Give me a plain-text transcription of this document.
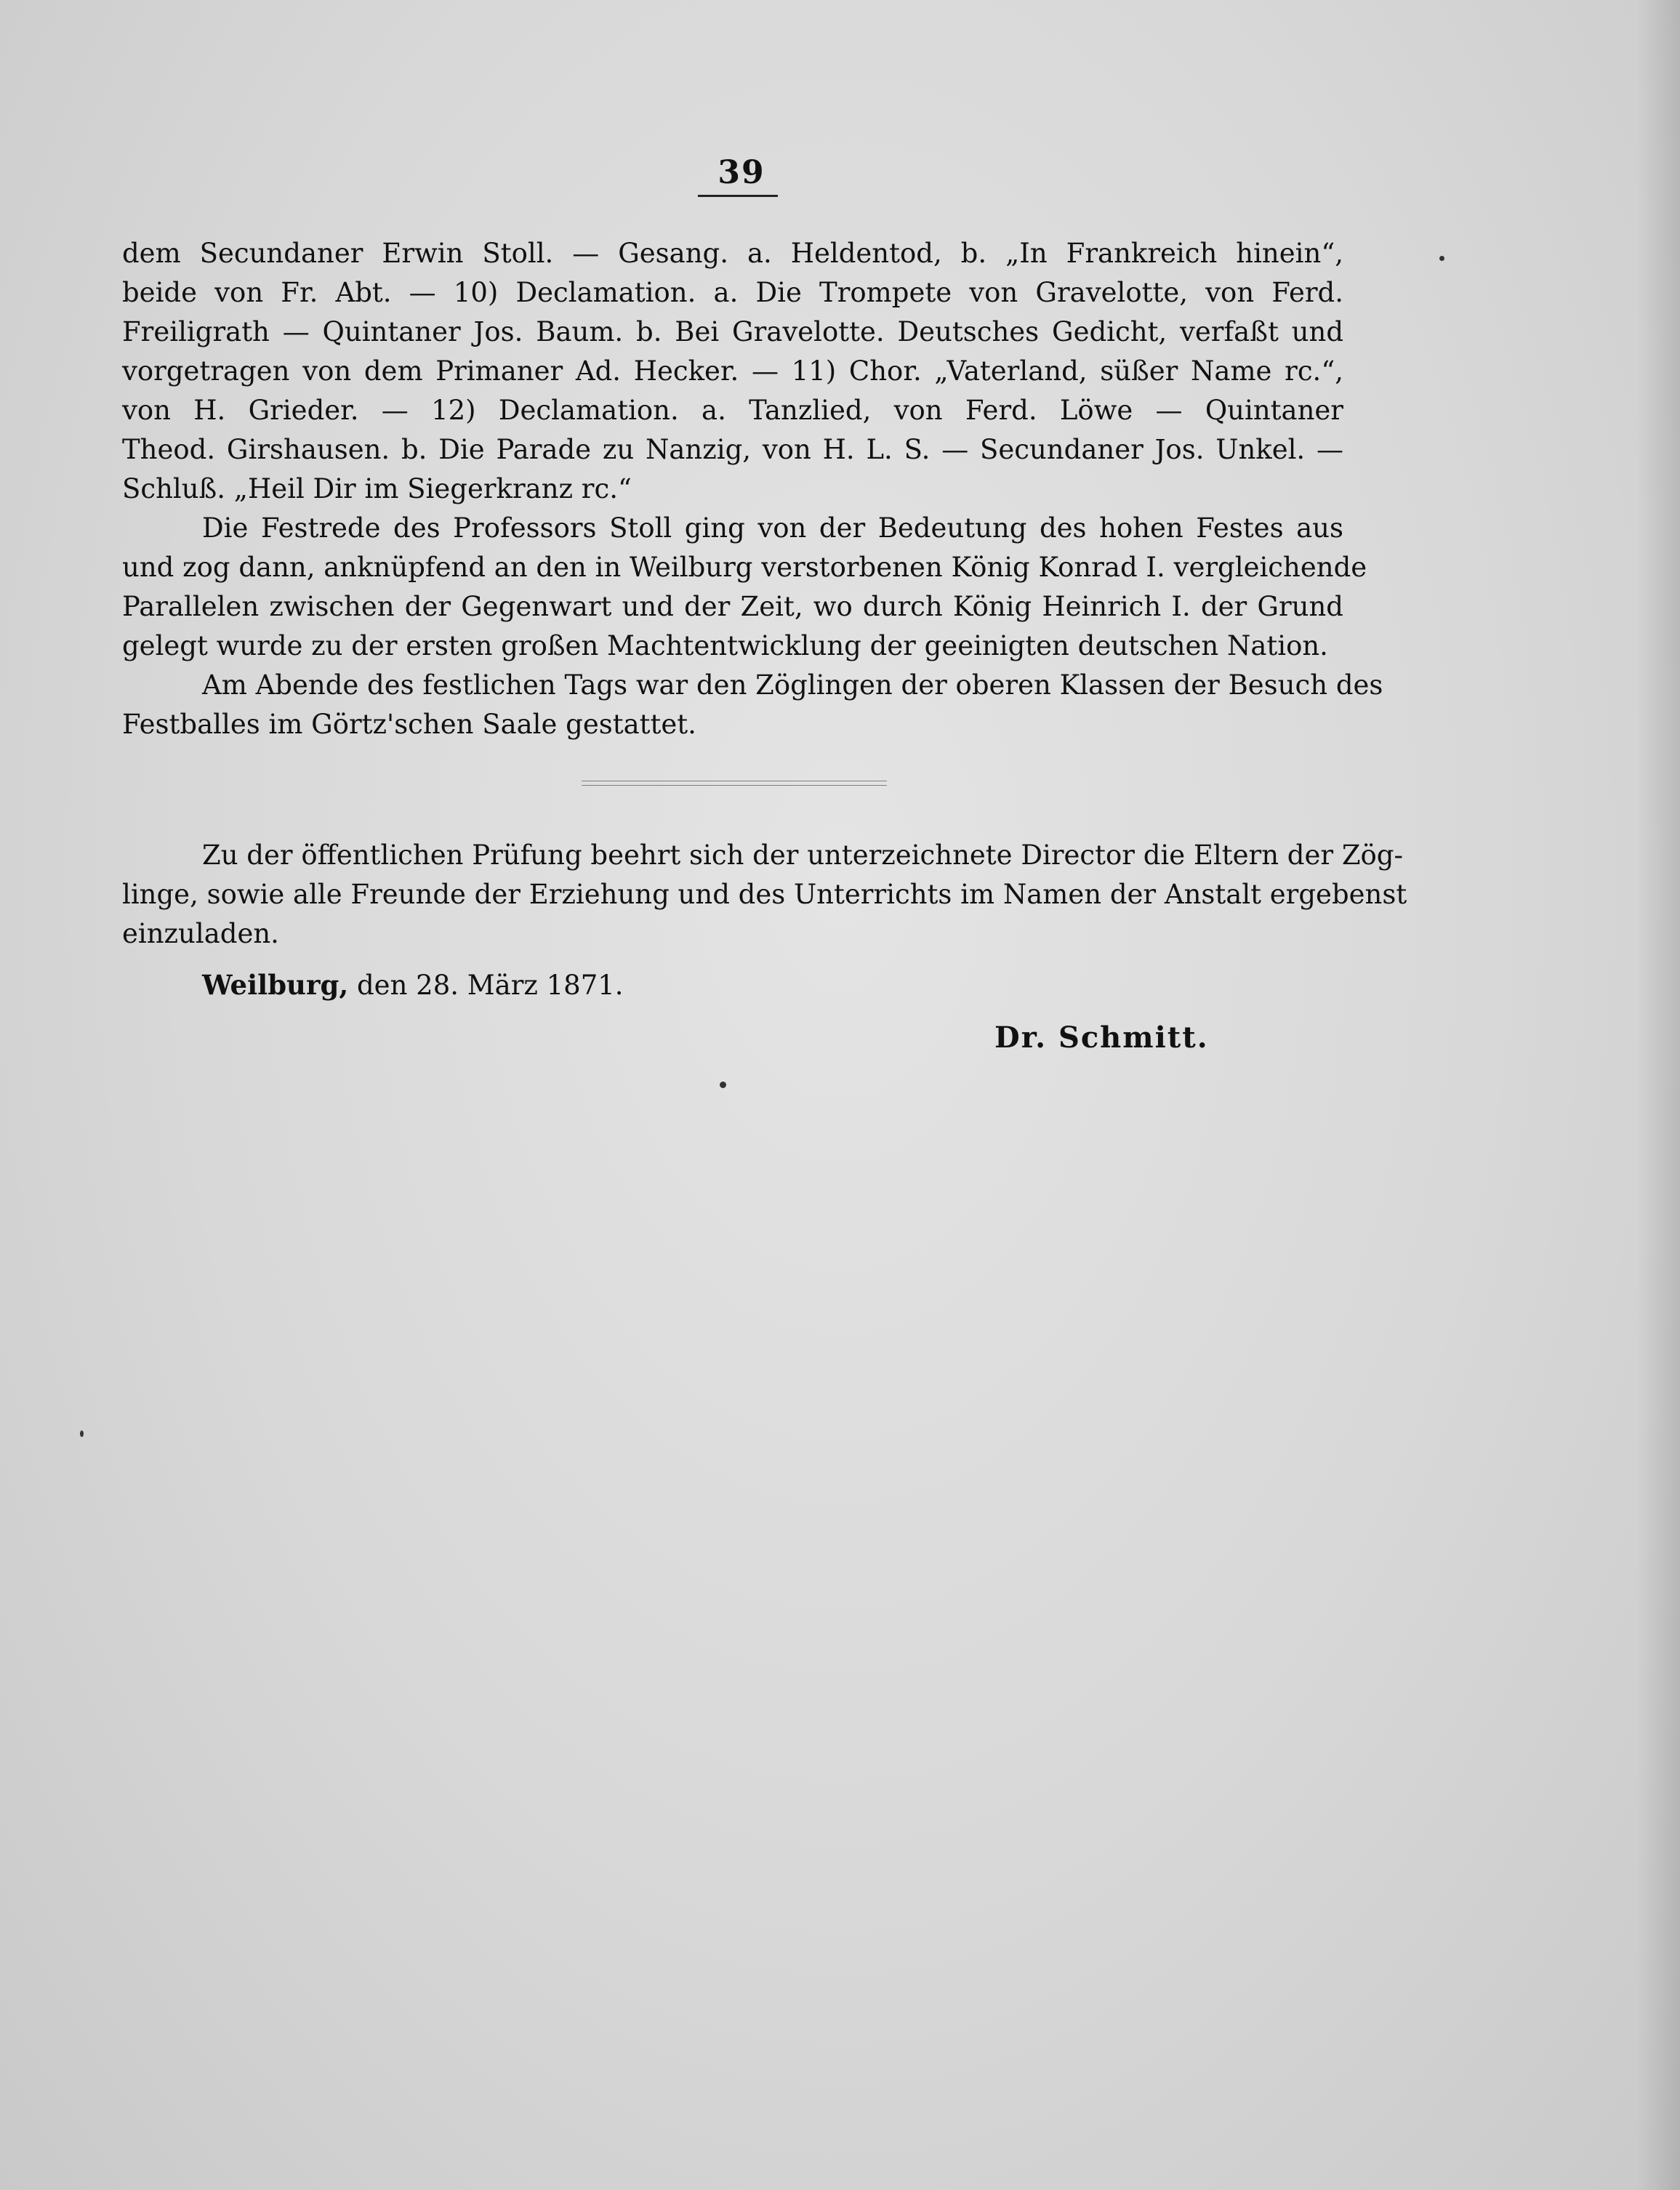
39
dem Secundaner Erwin Stoll. — Gesang. a. Heldentod, b. „In Frankreich hinein“,
beide von Fr. Abt. — 10) Declamation. a. Die Trompete von Gravelotte, von Ferd.
Freiligrath — Quintaner Jos. Baum. b. Bei Gravelotte. Deutsches Gedicht, verfaßt und
vorgetragen von dem Primaner Ad. Hecker. — 11) Chor. „Vaterland, süßer Name rc.“,
von H. Grieder. — 12) Declamation. a. Tanzlied, von Ferd. Löwe — Quintaner
Theod. Girshausen. b. Die Parade zu Nanzig, von H. L. S. — Secundaner Jos. Unkel. —
Schluß. „Heil Dir im Siegerkranz rc.“
Die Festrede des Professors Stoll ging von der Bedeutung des hohen Festes aus
und zog dann, anknüpfend an den in Weilburg verstorbenen König Konrad I. vergleichende
Parallelen zwischen der Gegenwart und der Zeit, wo durch König Heinrich I. der Grund
gelegt wurde zu der ersten großen Machtentwicklung der geeinigten deutschen Nation.
Am Abende des festlichen Tags war den Zöglingen der oberen Klassen der Besuch des
Festballes im Görtz'schen Saale gestattet.
Zu der öffentlichen Prüfung beehrt sich der unterzeichnete Director die Eltern der Zög-
linge, sowie alle Freunde der Erziehung und des Unterrichts im Namen der Anstalt ergebenst
einzuladen.
Weilburg, den 28. März 1871.
Dr. Schmitt.
